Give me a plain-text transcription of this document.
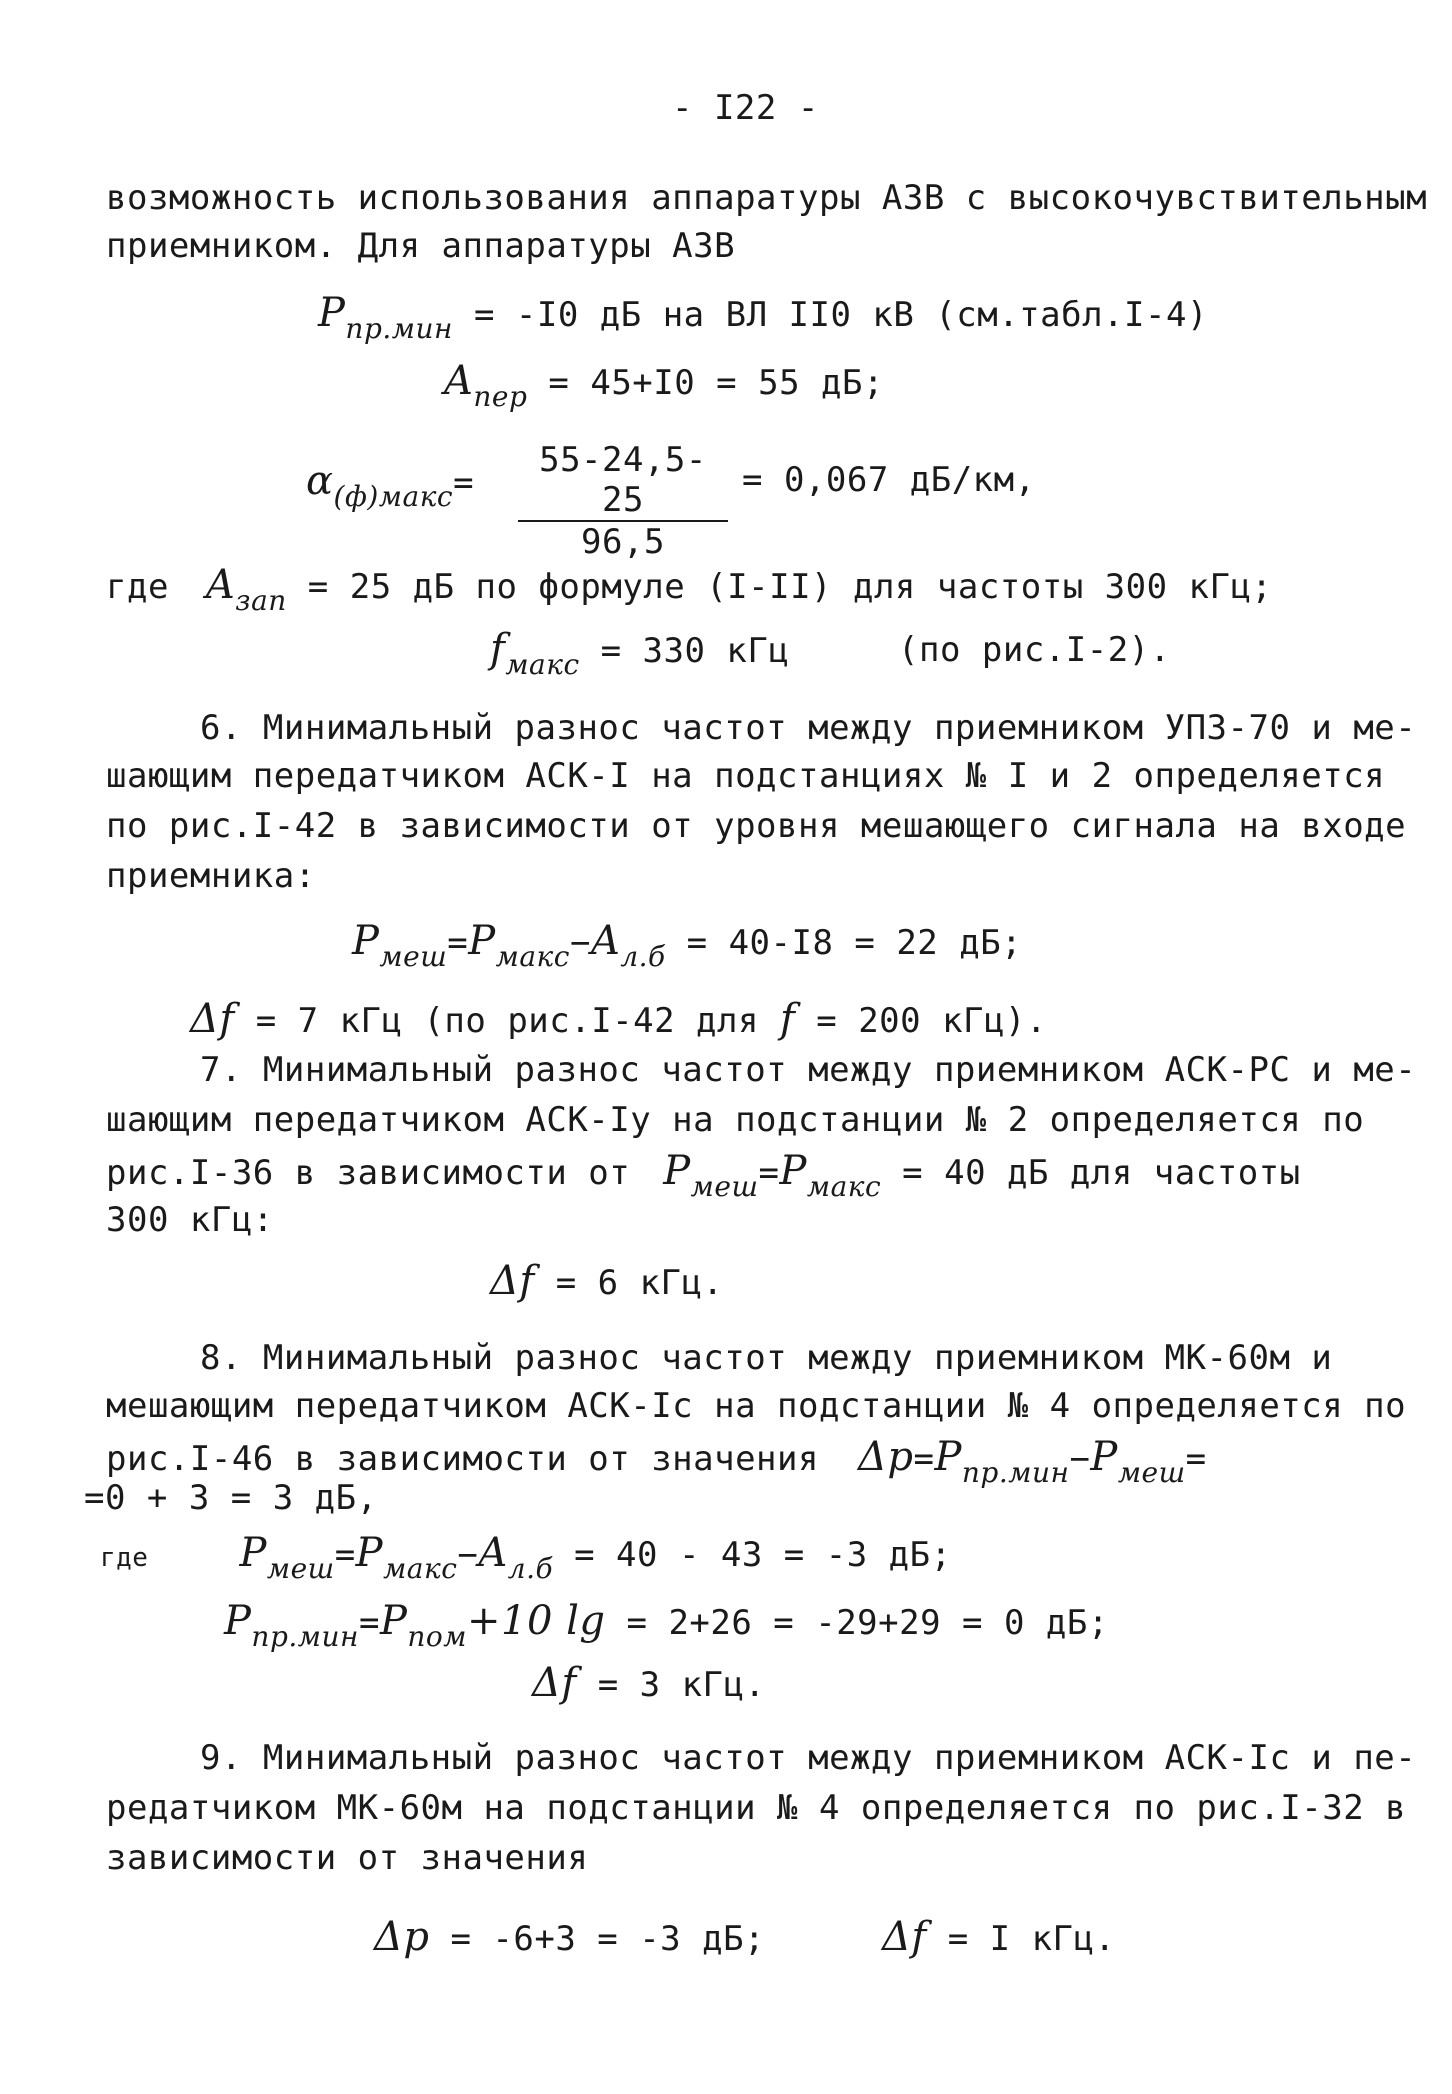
- I22 -
возможность использования аппаратуры АЗВ с высокочувствительным
приемником. Для аппаратуры АЗВ
$P_{пр.мин} = -I0$ дБ на ВЛ II0 кВ (см.табл.I-4)
$A_{пер} = 45+I0 = 55$ дБ;
$\alpha_{(ф)макс}= \frac{55-24,5-25}{96,5} = 0,067$ дБ/км,
где $A_{зап} = 25$ дБ по формуле (I-II) для частоты 300 кГц;
$f_{макс} = 330$ кГц	(по рис.I-2).
6. Минимальный разнос частот между приемником УПЗ-70 и ме-
шающим передатчиком АСК-I на подстанциях № I и 2 определяется
по рис.I-42 в зависимости от уровня мешающего сигнала на входе
приемника:
$P_{меш}=P_{макс}-A_{л.б} = 40-I8 = 22$ дБ;
Δf = 7 кГц (по рис.I-42 для f = 200 кГц).
7. Минимальный разнос частот между приемником АСК-РС и ме-
шающим передатчиком АСК-Iу на подстанции № 2 определяется по
рис.I-36 в зависимости от $P_{меш}=P_{макс} = 40$ дБ для частоты
300 кГц:
Δf = 6 кГц.
8. Минимальный разнос частот между приемником МК-60м и
мешающим передатчиком АСК-Iс на подстанции № 4 определяется по
рис.I-46 в зависимости от значения $\Delta p=P_{пр.мин}-P_{меш}=$
=0 + 3 = 3 дБ,
где $P_{меш}=P_{макс}-A_{л.б} = 40 - 43 = -3$ дБ;
$P_{пр.мин}=P_{пом}+10$ lg = 2+26 = -29+29 = 0 дБ;
Δf = 3 кГц.
9. Минимальный разнос частот между приемником АСК-Iс и пе-
редатчиком МК-60м на подстанции № 4 определяется по рис.I-32 в
зависимости от значения
Δp = -6+3 = -3 дБ;	Δf = I кГц.
